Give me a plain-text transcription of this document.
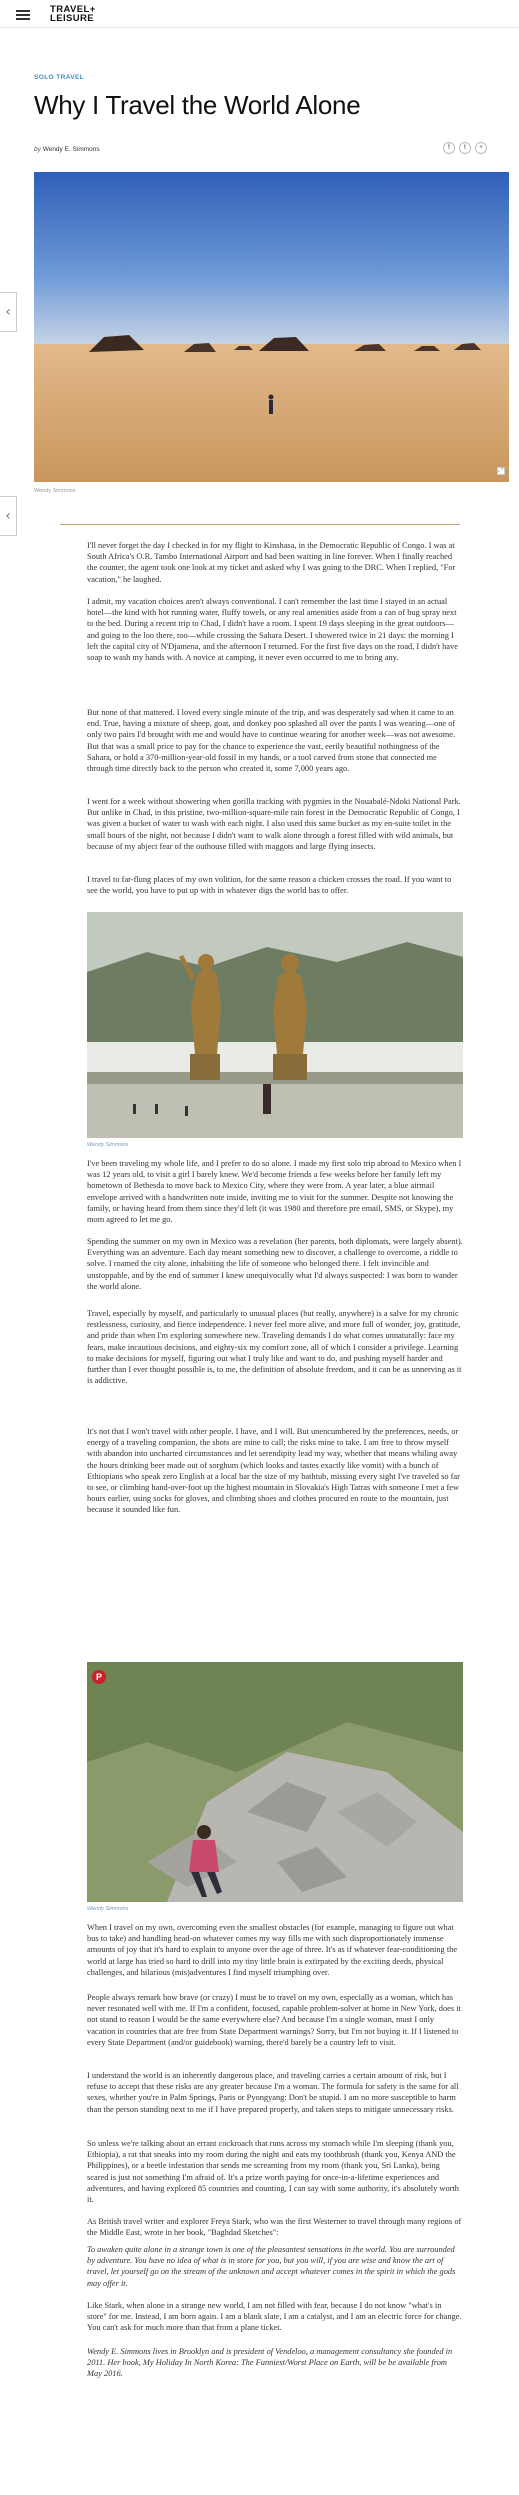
TRAVEL+
LEISURE
SOLO TRAVEL
Why I Travel the World Alone
by Wendy E. Simmons	f	t	+
⤢
Wendy Simmons
‹
‹

I'll never forget the day I checked in for my flight to Kinshasa, in the Democratic Republic of Congo. I was at South Africa's O.R. Tambo International Airport and had been waiting in line forever. When I finally reached the counter, the agent took one look at my ticket and asked why I was going to the DRC. When I replied, "For vacation," he laughed.

I admit, my vacation choices aren't always conventional. I can't remember the last time I stayed in an actual hotel—the kind with hot running water, fluffy towels, or any real amenities aside from a can of bug spray next to the bed. During a recent trip to Chad, I didn't have a room. I spent 19 days sleeping in the great outdoors—and going to the loo there, too—while crossing the Sahara Desert. I showered twice in 21 days: the morning I left the capital city of N'Djamena, and the afternoon I returned. For the first five days on the road, I didn't have soap to wash my hands with. A novice at camping, it never even occurred to me to bring any.

But none of that mattered. I loved every single minute of the trip, and was desperately sad when it came to an end. True, having a mixture of sheep, goat, and donkey poo splashed all over the pants I was wearing—one of only two pairs I'd brought with me and would have to continue wearing for another week—was not awesome. But that was a small price to pay for the chance to experience the vast, eerily beautiful nothingness of the Sahara, or hold a 370-million-year-old fossil in my hands, or a tool carved from stone that connected me through time directly back to the person who created it, some 7,000 years ago.

I went for a week without showering when gorilla tracking with pygmies in the Nouabalé-Ndoki National Park. But unlike in Chad, in this pristine, two-million-square-mile rain forest in the Democratic Republic of Congo, I was given a bucket of water to wash with each night. I also used this same bucket as my en-suite toilet in the small hours of the night, not because I didn't want to walk alone through a forest filled with wild animals, but because of my abject fear of the outhouse filled with maggots and large flying insects.

I travel to far-flung places of my own volition, for the same reason a chicken crosses the road. If you want to see the world, you have to put up with in whatever digs the world has to offer.

Wendy Simmons

I've been traveling my whole life, and I prefer to do so alone. I made my first solo trip abroad to Mexico when I was 12 years old, to visit a girl I barely knew. We'd become friends a few weeks before her family left my hometown of Bethesda to move back to Mexico City, where they were from. A year later, a blue airmail envelope arrived with a handwritten note inside, inviting me to visit for the summer. Despite not knowing the family, or having heard from them since they'd left (it was 1980 and therefore pre email, SMS, or Skype), my mom agreed to let me go.

Spending the summer on my own in Mexico was a revelation (her parents, both diplomats, were largely absent). Everything was an adventure. Each day meant something new to discover, a challenge to overcome, a riddle to solve. I roamed the city alone, inhabiting the life of someone who belonged there. I felt invincible and unstoppable, and by the end of summer I knew unequivocally what I'd always suspected: I was born to wander the world alone.

Travel, especially by myself, and particularly to unusual places (but really, anywhere) is a salve for my chronic restlessness, curiosity, and fierce independence. I never feel more alive, and more full of wonder, joy, gratitude, and pride than when I'm exploring somewhere new. Traveling demands I do what comes unnaturally: face my fears, make incautious decisions, and eighty-six my comfort zone, all of which I consider a privilege. Learning to make decisions for myself, figuring out what I truly like and want to do, and pushing myself harder and further than I ever thought possible is, to me, the definition of absolute freedom, and it can be as unnerving as it is addictive.

It's not that I won't travel with other people. I have, and I will. But unencumbered by the preferences, needs, or energy of a traveling companion, the shots are mine to call; the risks mine to take. I am free to throw myself with abandon into uncharted circumstances and let serendipity lead my way, whether that means whiling away the hours drinking beer made out of sorghum (which looks and tastes exactly like vomit) with a bunch of Ethiopians who speak zero English at a local bar the size of my bathtub, missing every sight I've traveled so far to see, or climbing hand-over-foot up the highest mountain in Slovakia's High Tatras with someone I met a few hours earlier, using socks for gloves, and climbing shoes and clothes procured en route to the mountain, just because it sounded like fun.

P
Wendy Simmons

When I travel on my own, overcoming even the smallest obstacles (for example, managing to figure out what bus to take) and handling head-on whatever comes my way fills me with such disproportionately immense amounts of joy that it's hard to explain to anyone over the age of three. It's as if whatever fear-conditioning the world at large has tried so hard to drill into my tiny little brain is extirpated by the exciting deeds, physical challenges, and hilarious (mis)adventures I find myself triumphing over.

People always remark how brave (or crazy) I must be to travel on my own, especially as a woman, which has never resonated well with me. If I'm a confident, focused, capable problem-solver at home in New York, does it not stand to reason I would be the same everywhere else? And because I'm a single woman, must I only vacation in countries that are free from State Department warnings? Sorry, but I'm not buying it. If I listened to every State Department (and/or guidebook) warning, there'd barely be a country left to visit.

I understand the world is an inherently dangerous place, and traveling carries a certain amount of risk, but I refuse to accept that these risks are any greater because I'm a woman. The formula for safety is the same for all sexes, whether you're in Palm Springs, Paris or Pyongyang: Don't be stupid. I am no more susceptible to harm than the person standing next to me if I have prepared properly, and taken steps to mitigate unnecessary risks.

So unless we're talking about an errant cockroach that runs across my stomach while I'm sleeping (thank you, Ethiopia), a rat that sneaks into my room during the night and eats my toothbrush (thank you, Kenya AND the Philippines), or a beetle infestation that sends me screaming from my room (thank you, Sri Lanka), being scared is just not something I'm afraid of. It's a prize worth paying for once-in-a-lifetime experiences and adventures, and having explored 85 countries and counting, I can say with some authority, it's absolutely worth it.

As British travel writer and explorer Freya Stark, who was the first Westerner to travel through many regions of the Middle East, wrote in her book, "Baghdad Sketches":

To awaken quite alone in a strange town is one of the pleasantest sensations in the world. You are surrounded by adventure. You have no idea of what is in store for you, but you will, if you are wise and know the art of travel, let yourself go on the stream of the unknown and accept whatever comes in the spirit in which the gods may offer it.

Like Stark, when alone in a strange new world, I am not filled with fear, because I do not know "what's in store" for me. Instead, I am born again. I am a blank slate, I am a catalyst, and I am an electric force for change. You can't ask for much more than that from a plane ticket.

Wendy E. Simmons lives in Brooklyn and is president of Vendeloo, a management consultancy she founded in 2011. Her book, My Holiday In North Korea: The Funniest/Worst Place on Earth, will be be available from May 2016.
